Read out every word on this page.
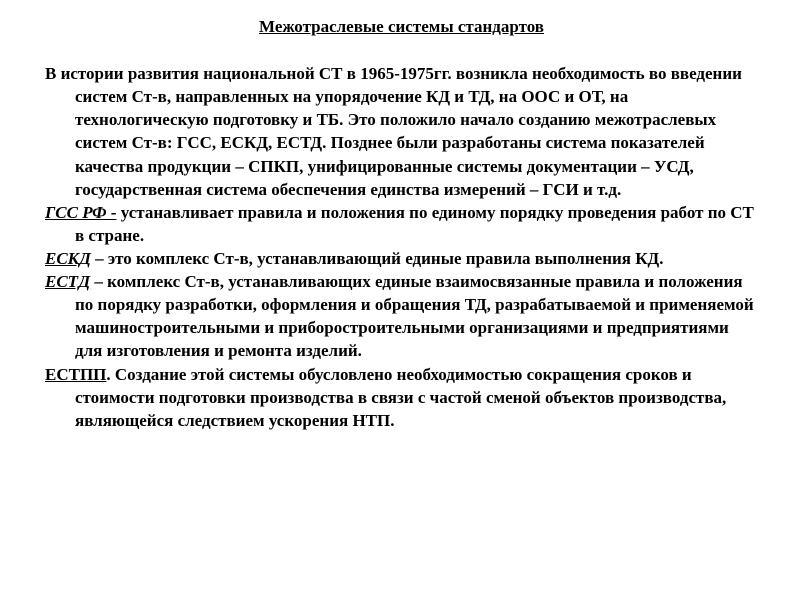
Межотраслевые системы стандартов

В истории развития национальной СТ в 1965-1975гг. возникла необходимость во введении систем Ст-в, направленных на упорядочение КД и ТД, на ООС и ОТ, на технологическую подготовку и ТБ. Это положило начало созданию межотраслевых систем Ст-в: ГСС, ЕСКД, ЕСТД. Позднее были разработаны система показателей качества продукции – СПКП, унифицированные системы документации – УСД, государственная система обеспечения единства измерений – ГСИ и т.д.

ГСС РФ - устанавливает правила и положения по единому порядку проведения работ по СТ в стране.

ЕСКД – это комплекс Ст-в, устанавливающий единые правила выполнения КД.

ЕСТД – комплекс Ст-в, устанавливающих единые взаимосвязанные правила и положения по порядку разработки, оформления и обращения ТД, разрабатываемой и применяемой машиностроительными и приборостроительными организациями и предприятиями для изготовления и ремонта изделий.

ЕСТПП. Создание этой системы обусловлено необходимостью сокращения сроков и стоимости подготовки производства в связи с частой сменой объектов производства, являющейся следствием ускорения НТП.
